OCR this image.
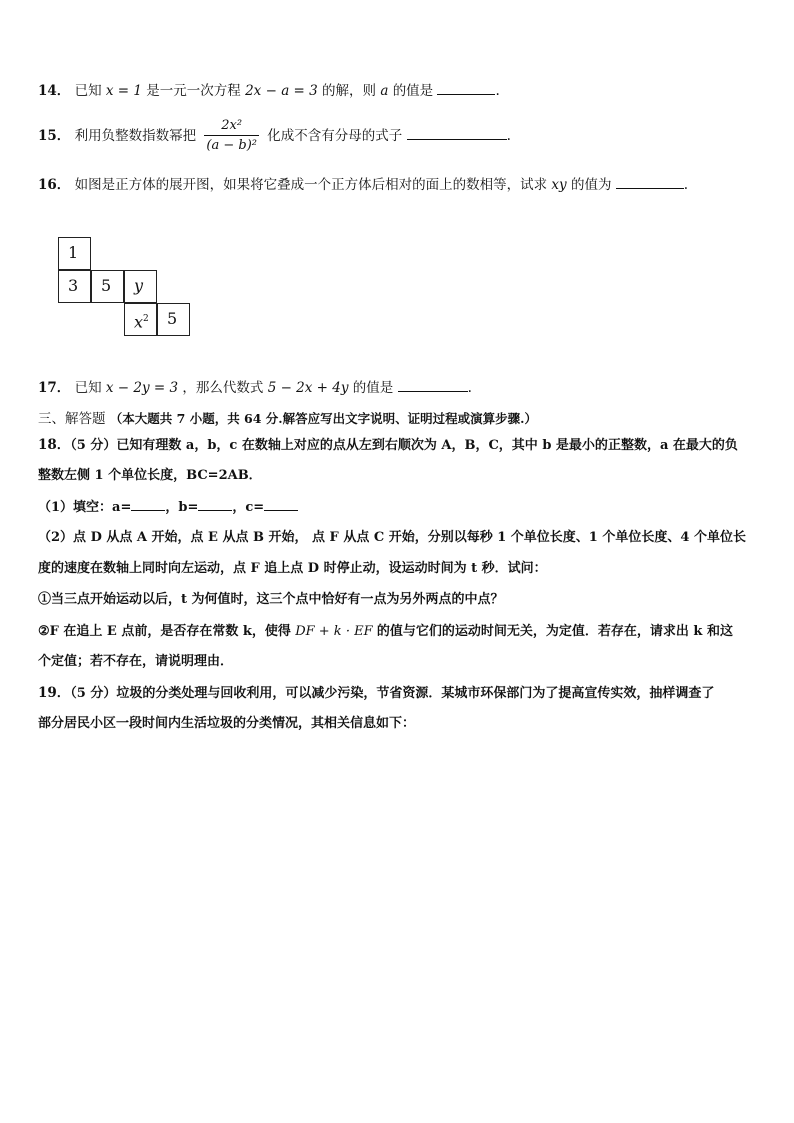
14． 已知 x = 1 是一元一次方程 2x − a = 3 的解，则 a 的值是	.
15． 利用负整数指数幂把 $\frac{\text{2x²}}{\text{(a − b)²}}$ 化成不含有分母的式子	.
16． 如图是正方体的展开图，如果将它叠成一个正方体后相对的面上的数相等，试求 xy 的值为	.
1
3	5	y
$x^2$	5
17． 已知 x − 2y = 3 ，那么代数式 5 − 2x + 4y 的值是	.
三、解答题 （本大题共 7 小题，共 64 分.解答应写出文字说明、证明过程或演算步骤.）
18．（5 分）已知有理数 a，b，c 在数轴上对应的点从左到右顺次为 A，B，C，其中 b 是最小的正整数，a 在最大的负
整数左侧 1 个单位长度，BC=2AB．
（1）填空：a=	，b=	，c=
（2）点 D 从点 A 开始，点 E 从点 B 开始， 点 F 从点 C 开始，分别以每秒 1 个单位长度、1 个单位长度、4 个单位长
度的速度在数轴上同时向左运动，点 F 追上点 D 时停止动，设运动时间为 t 秒．试问：
①当三点开始运动以后，t 为何值时，这三个点中恰好有一点为另外两点的中点？
②F 在追上 E 点前，是否存在常数 k，使得 DF + k · EF 的值与它们的运动时间无关，为定值．若存在，请求出 k 和这
个定值；若不存在，请说明理由．
19．（5 分）垃圾的分类处理与回收利用，可以减少污染，节省资源．某城市环保部门为了提高宣传实效，抽样调查了
部分居民小区一段时间内生活垃圾的分类情况，其相关信息如下：
